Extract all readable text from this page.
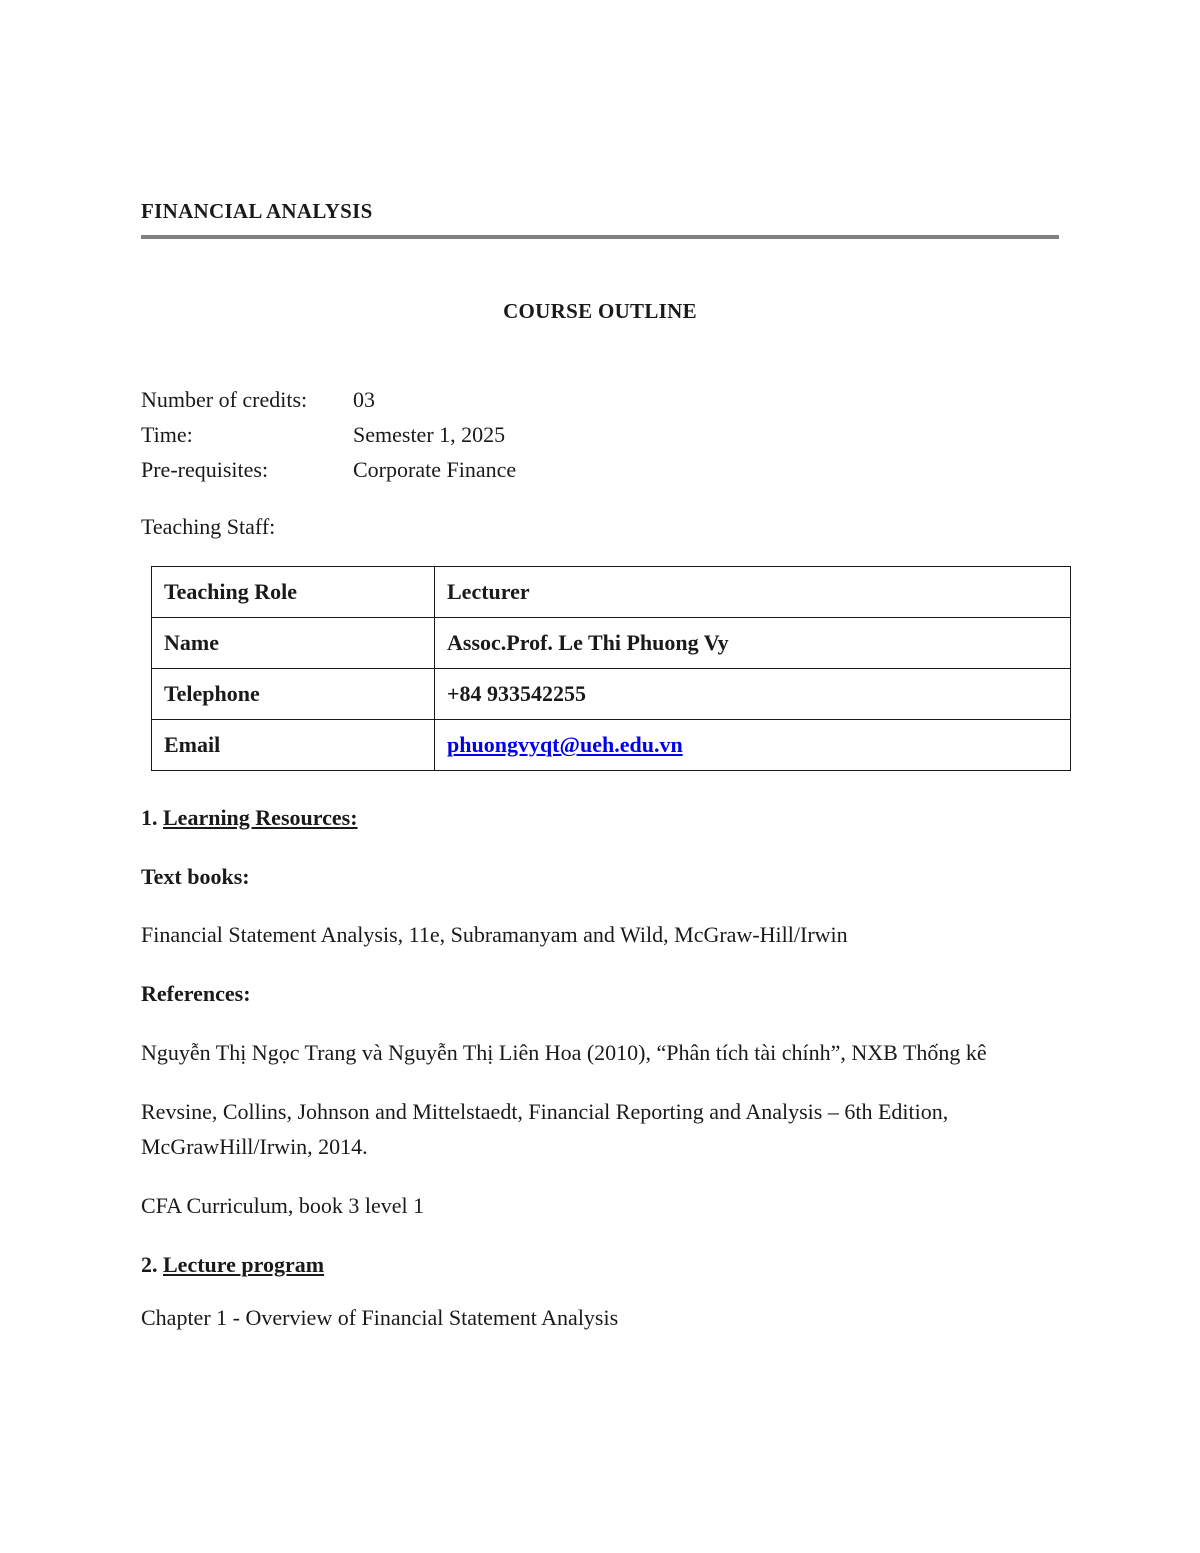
FINANCIAL ANALYSIS
COURSE OUTLINE
Number of credits: 03
Time:	Semester 1, 2025
Pre-requisites:	Corporate Finance
Teaching Staff:
Teaching Role	Lecturer
Name	Assoc.Prof. Le Thi Phuong Vy
Telephone	+84 933542255
Email	phuongvyqt@ueh.edu.vn
1. Learning Resources:
Text books:
Financial Statement Analysis, 11e, Subramanyam and Wild, McGraw-Hill/Irwin
References:
Nguyễn Thị Ngọc Trang và Nguyễn Thị Liên Hoa (2010), “Phân tích tài chính”, NXB Thống kê
Revsine, Collins, Johnson and Mittelstaedt, Financial Reporting and Analysis – 6th Edition, McGrawHill/Irwin, 2014.
CFA Curriculum, book 3 level 1
2. Lecture program
Chapter 1 - Overview of Financial Statement Analysis
